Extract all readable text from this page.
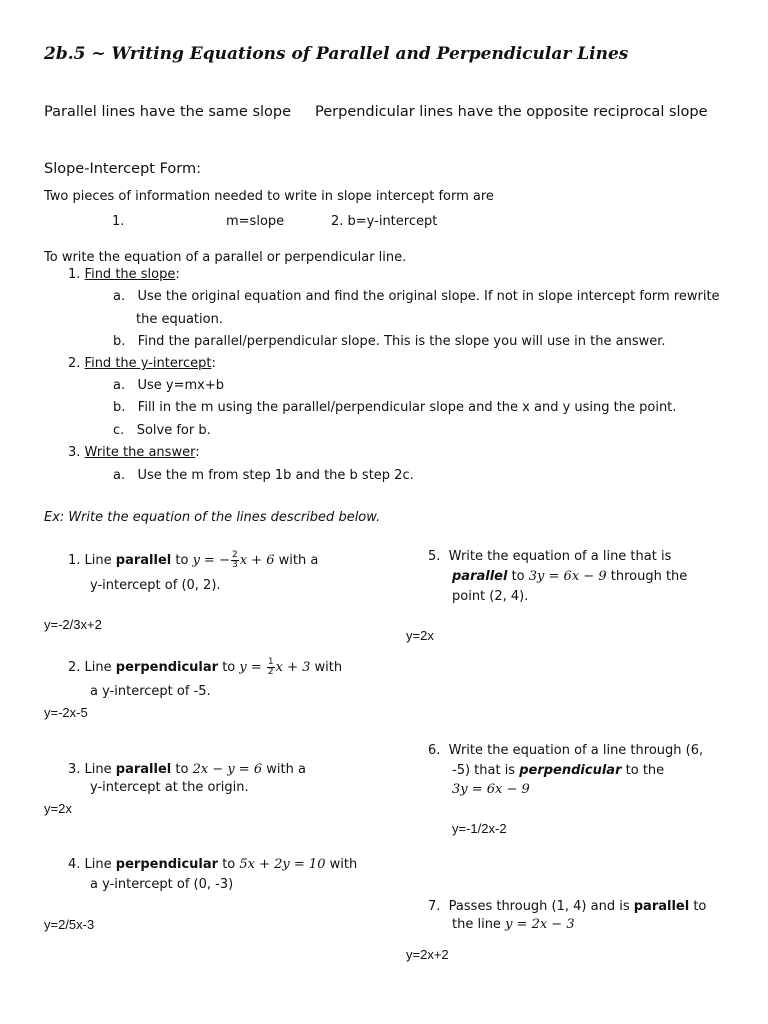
2b.5 ~ Writing Equations of Parallel and Perpendicular Lines
Parallel lines have the same slope Perpendicular lines have the opposite reciprocal slope
Slope-Intercept Form:
Two pieces of information needed to write in slope intercept form are
1.	m=slope	2. b=y-intercept
To write the equation of a parallel or perpendicular line.
1. Find the slope:
a. Use the original equation and find the original slope. If not in slope intercept form rewrite
the equation.
b. Find the parallel/perpendicular slope. This is the slope you will use in the answer.
2. Find the y-intercept:
a. Use y=mx+b
b. Fill in the m using the parallel/perpendicular slope and the x and y using the point.
c. Solve for b.
3. Write the answer:
a. Use the m from step 1b and the b step 2c.
Ex: Write the equation of the lines described below.
1. Line parallel to y = − $\frac{2}{3}$ x + 6 with a
y-intercept of (0, 2).
y=-2/3x+2
2. Line perpendicular to $y = \frac{1}{2}$ x + 3 with
a y-intercept of -5.
y=-2x-5
3. Line parallel to 2x − y = 6 with a
y-intercept at the origin.
y=2x
4. Line perpendicular to 5x + 2y = 10 with
a y-intercept of (0, -3)
y=2/5x-3
5. Write the equation of a line that is
parallel to 3y = 6x − 9 through the
point (2, 4).
y=2x
6. Write the equation of a line through (6,
-5) that is perpendicular to the
3y = 6x − 9
y=-1/2x-2
7. Passes through (1, 4) and is parallel to
the line y = 2x − 3
y=2x+2
